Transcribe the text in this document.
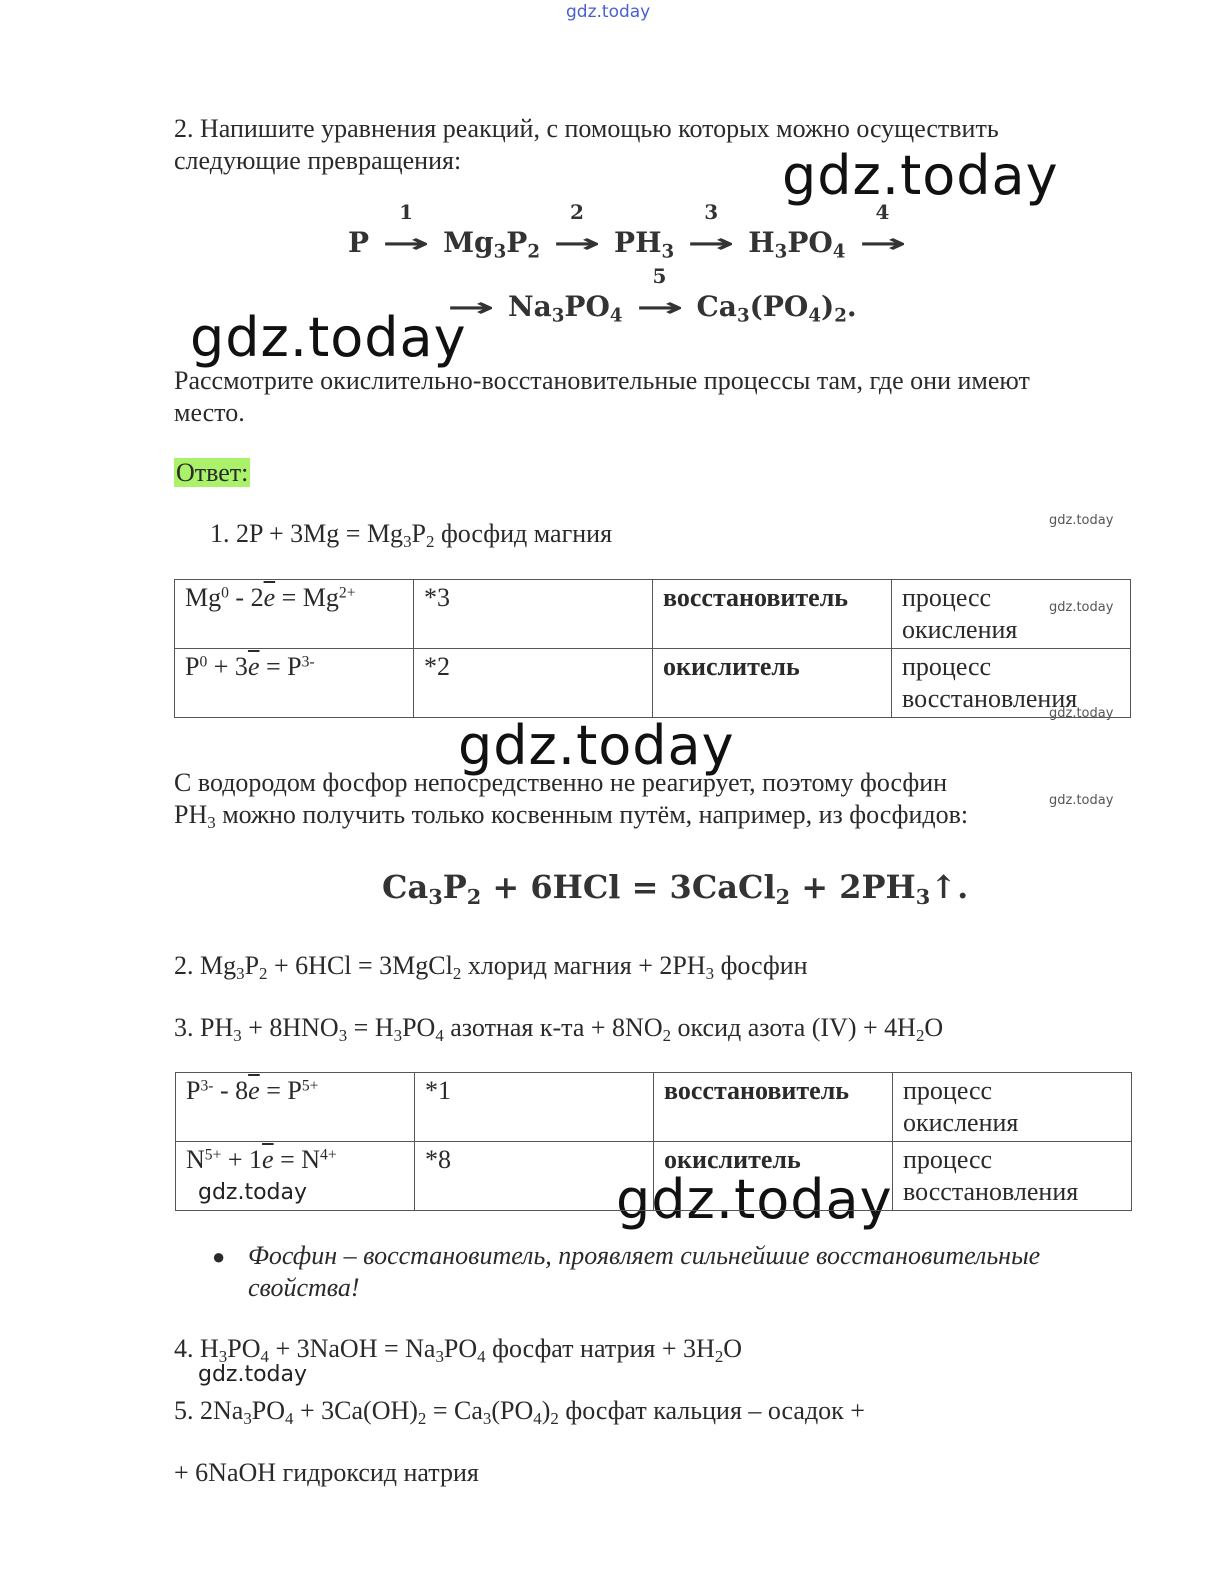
gdz.today
gdz.today
gdz.today
gdz.today
gdz.today
gdz.today
gdz.today
gdz.today
gdz.today
gdz.today
gdz.today
2. Напишите уравнения реакций, с помощью которых можно осуществить
следующие превращения:
P
1
→ $Mg_3P_2$
2
→ $PH_3$
3
→ $H_3PO_4$
4
→
→ $Na_3PO_4$
5
→ $Ca_3(PO_4)_2$.
Рассмотрите окислительно-восстановительные процессы там, где они имеют
место.
Ответ:
1. $2P + 3Mg = Mg_3P_2$ фосфид магния
$Mg^0 - 2\overline{e} = Mg^{2+}$	*3	восстановитель	процесс
окисления
$P^0 + 3\overline{e} = P^{3-}$	*2	окислитель	процесс
восстановления
С водородом фосфор непосредственно не реагирует, поэтому фосфин
$PH_3$ можно получить только косвенным путём, например, из фосфидов:
$Ca_3P_2 + 6HCl$ = 3CaCl$_2$ + $2PH_3↑$.
2. $Mg_3P_2 + 6HCl$ = 3MgCl$_2$ хлорид магния + $2PH_3$ фосфин
3. $PH_3 + 8HNO_3 = H_3PO_4$ азотная $к-та + 8NO_2$ оксид азота $(IV) + 4H_2O$
$P^{3-} - 8\overline{e} = P^{5+}$	*1	восстановитель	процесс
окисления
$N^{5+} + 1\overline{e} = N^{4+}$	*8	окислитель	процесс
восстановления
● Фосфин – восстановитель, проявляет сильнейшие восстановительные
свойства!
4. $H_3PO_4$ + 3NaOH = $Na_3PO_4$ фосфат натрия + $3H_2O$
5. $2Na_3PO_4 + 3Ca(OH)_2 = Ca_3(PO_4)_2$ фосфат кальция – осадок +
+ 6NaOH гидроксид натрия
